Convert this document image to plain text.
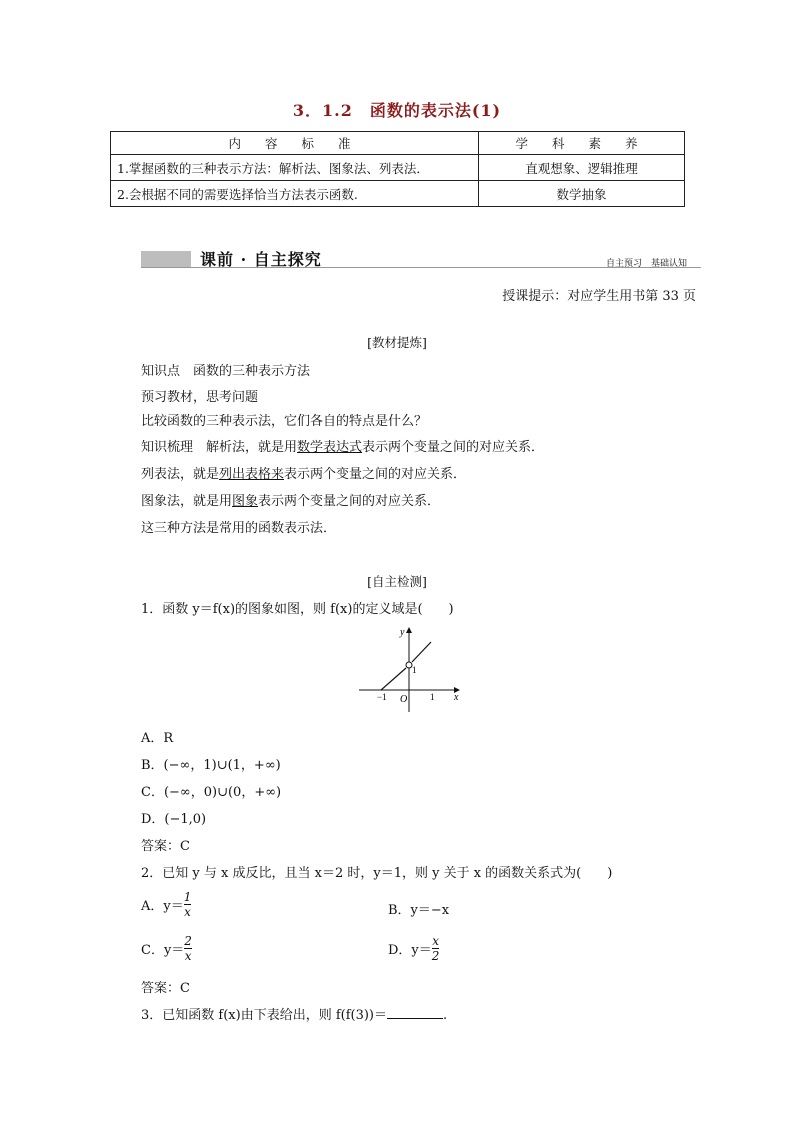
3．1.2　函数的表示法(1)
内 容 标 准	学 科 素 养
1.掌握函数的三种表示方法：解析法、图象法、列表法．	直观想象、逻辑推理
2.会根据不同的需要选择恰当方法表示函数.	数学抽象
课前 · 自主探究	自主预习　基础认知
授课提示：对应学生用书第 33 页
[教材提炼]
知识点　函数的三种表示方法
预习教材，思考问题
比较函数的三种表示法，它们各自的特点是什么？
知识梳理　解析法，就是用数学表达式表示两个变量之间的对应关系．
列表法，就是列出表格来表示两个变量之间的对应关系．
图象法，就是用图象表示两个变量之间的对应关系．
这三种方法是常用的函数表示法．
[自主检测]
1．函数 y＝f(x)的图象如图，则 f(x)的定义域是(　　)
y
x
1
−1 O	1
A．R
B．(−∞，1)∪(1，+∞)
C．(−∞，0)∪(0，+∞)
D．(−1,0)
答案：C
2．已知 y 与 x 成反比，且当 x＝2 时，y＝1，则 y 关于 x 的函数关系式为(　　)
A．$y= \frac{1}{x}$	B．y＝−x
C．$y= \frac{2}{x}$	D．$y= \frac{x}{2}$
答案：C
3．已知函数 f(x)由下表给出，则 f(f(3))＝	.
